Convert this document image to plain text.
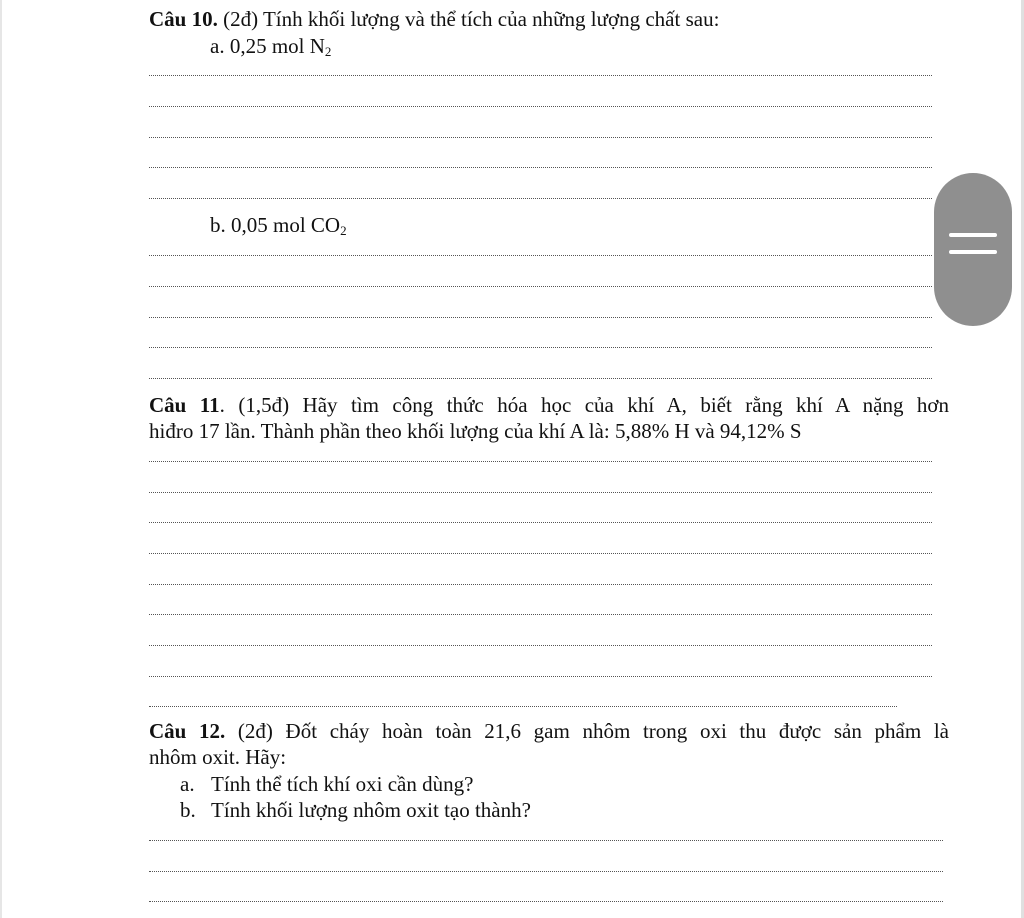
Câu 10. (2đ) Tính khối lượng và thể tích của những lượng chất sau:
a. 0,25 mol $N_2$
b. 0,05 mol $CO_2$
Câu 11. (1,5đ) Hãy tìm công thức hóa học của khí A, biết rằng khí A nặng hơn
hiđro 17 lần. Thành phần theo khối lượng của khí A là: 5,88% H và 94,12% S
Câu 12. (2đ) Đốt cháy hoàn toàn 21,6 gam nhôm trong oxi thu được sản phẩm là
nhôm oxit. Hãy:
a. Tính thể tích khí oxi cần dùng?
b. Tính khối lượng nhôm oxit tạo thành?
